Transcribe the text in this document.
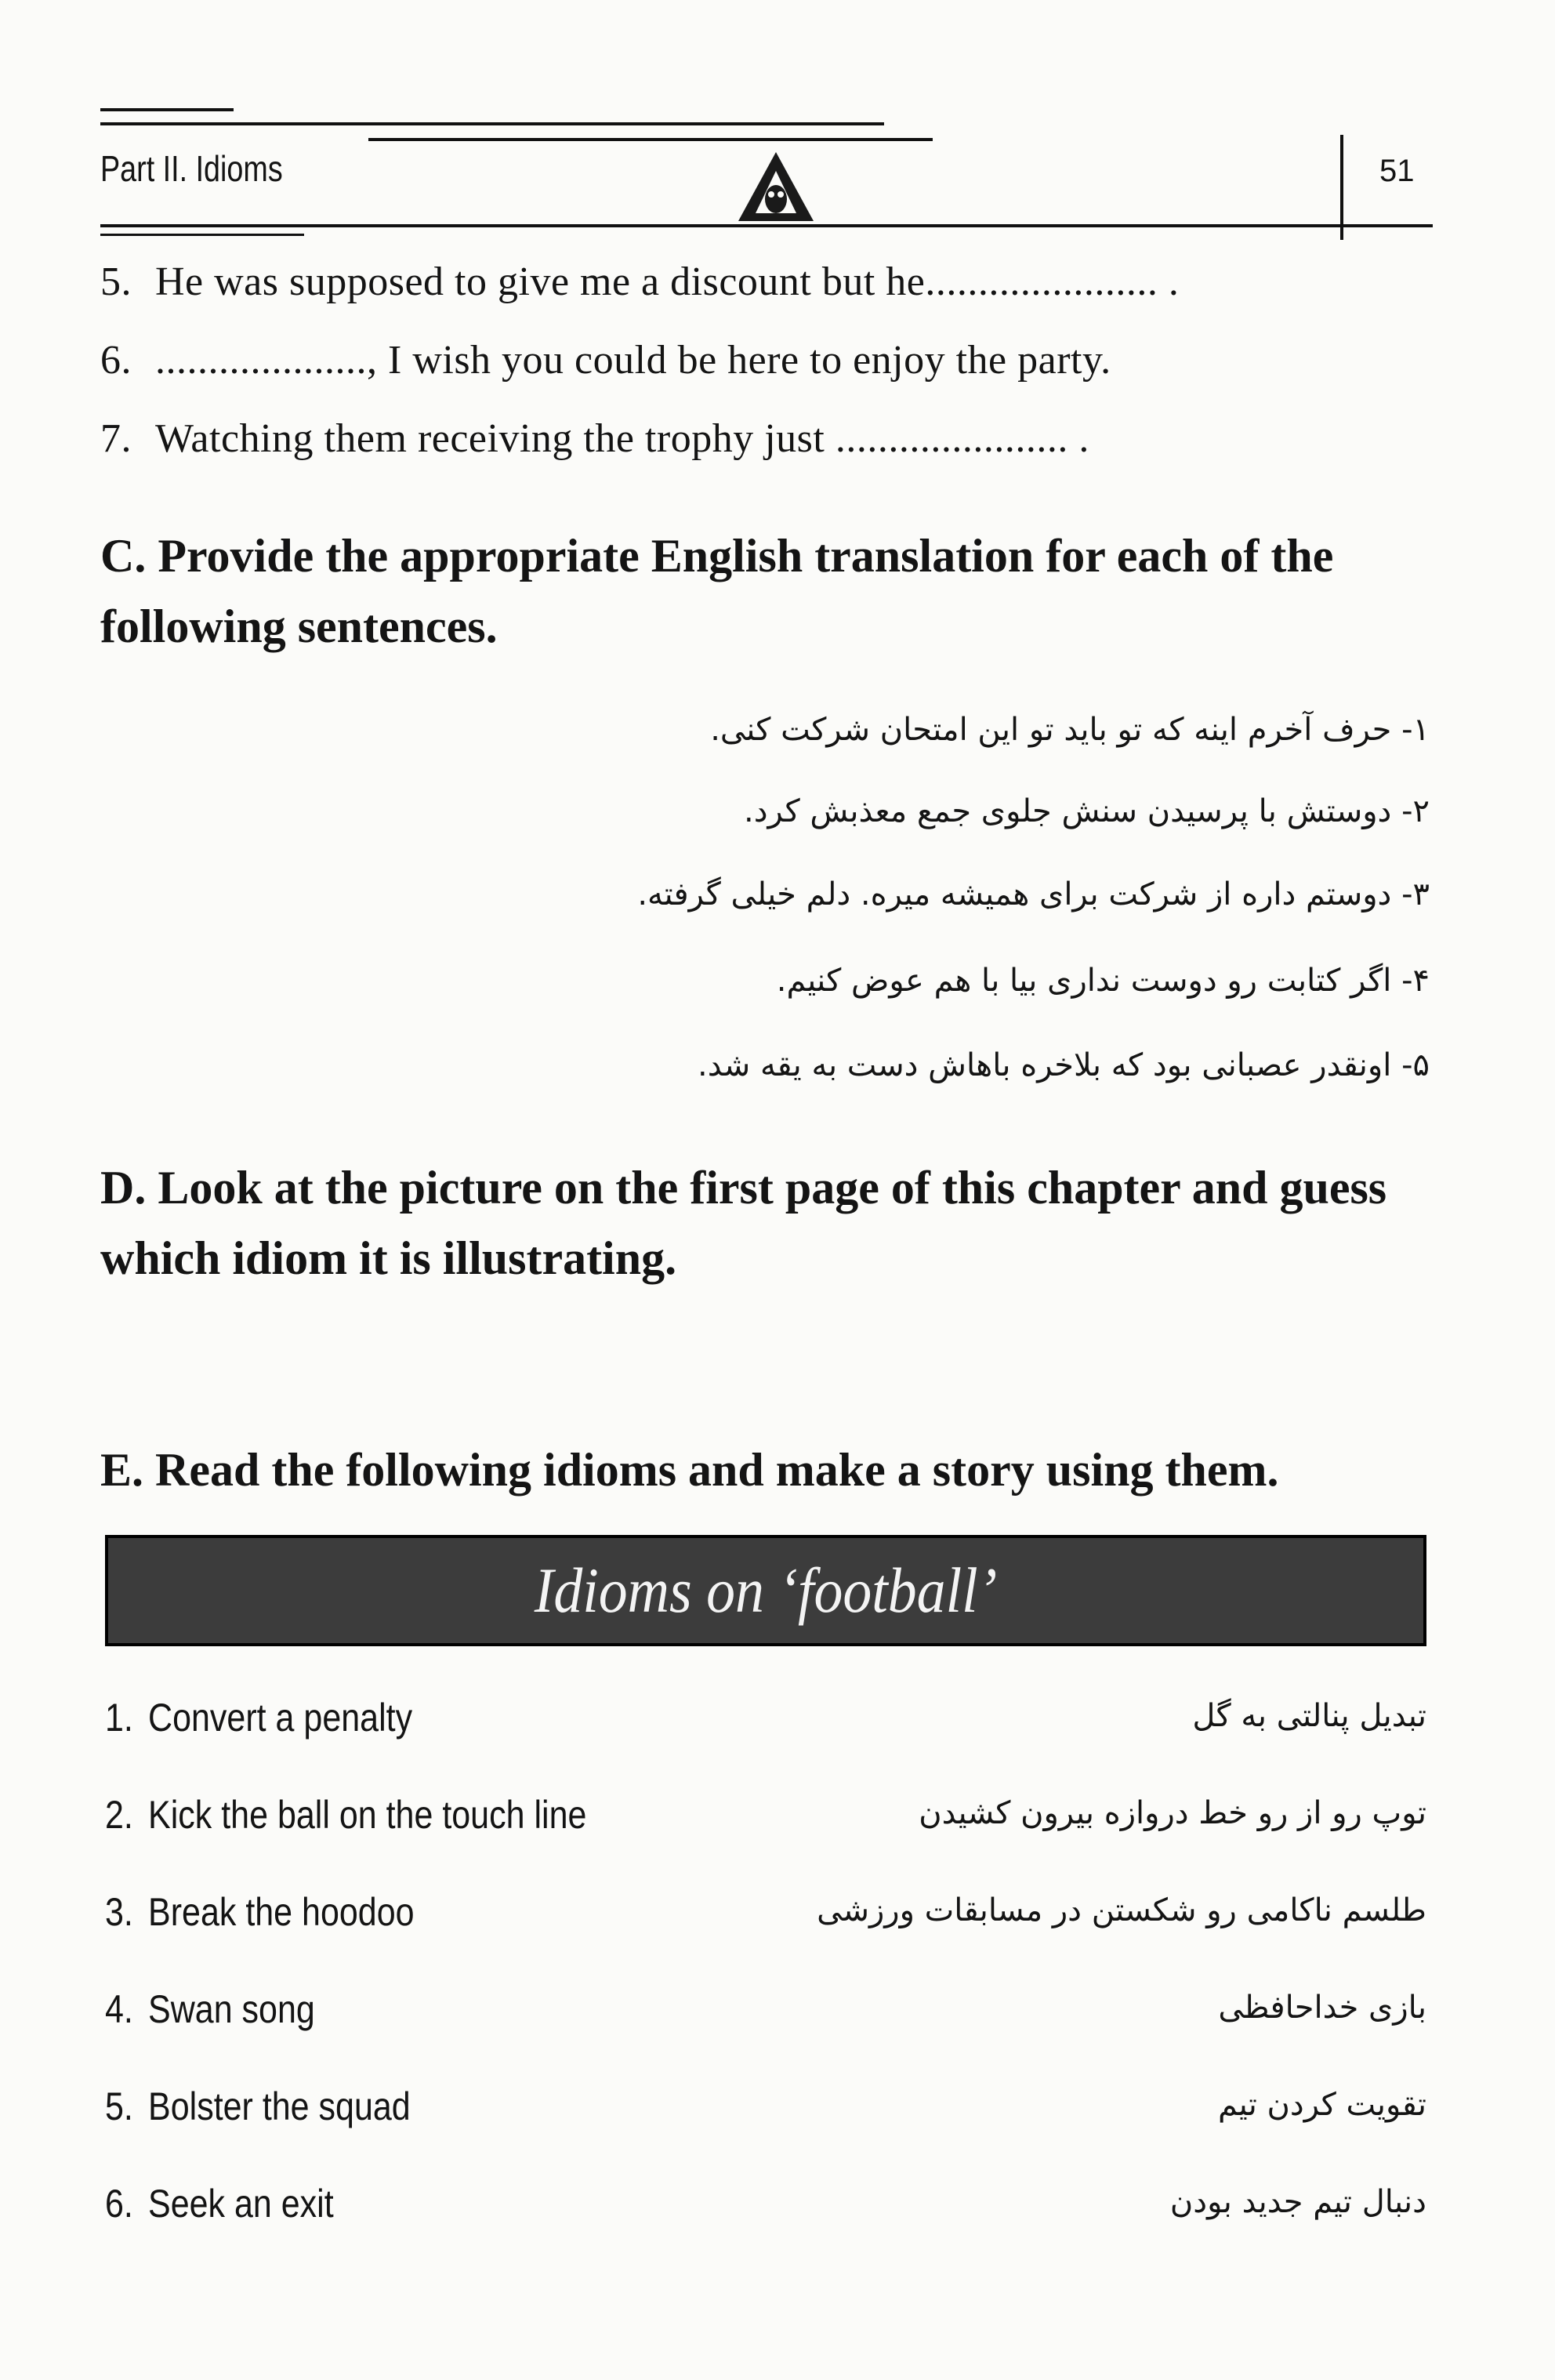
Part II. Idioms	51
5. He was supposed to give me a discount but he...................... .
6. ...................., I wish you could be here to enjoy the party.
7. Watching them receiving the trophy just ...................... .
C. Provide the appropriate English translation for each of the following sentences.
۱- حرف آخرم اینه که تو باید تو این امتحان شرکت کنی.
۲- دوستش با پرسیدن سنش جلوی جمع معذبش کرد.
۳- دوستم داره از شرکت برای همیشه میره. دلم خیلی گرفته.
۴- اگر کتابت رو دوست نداری بیا با هم عوض کنیم.
۵- اونقدر عصبانی بود که بلاخره باهاش دست به یقه شد.
D. Look at the picture on the first page of this chapter and guess which idiom it is illustrating.
E. Read the following idioms and make a story using them.
Idioms on ‘football’
1. Convert a penalty	تبدیل پنالتی به گل
2. Kick the ball on the touch line	توپ رو از رو خط دروازه بیرون کشیدن
3. Break the hoodoo	طلسم ناکامی رو شکستن در مسابقات ورزشی
4. Swan song	بازی خداحافظی
5. Bolster the squad	تقویت کردن تیم
6. Seek an exit	دنبال تیم جدید بودن
